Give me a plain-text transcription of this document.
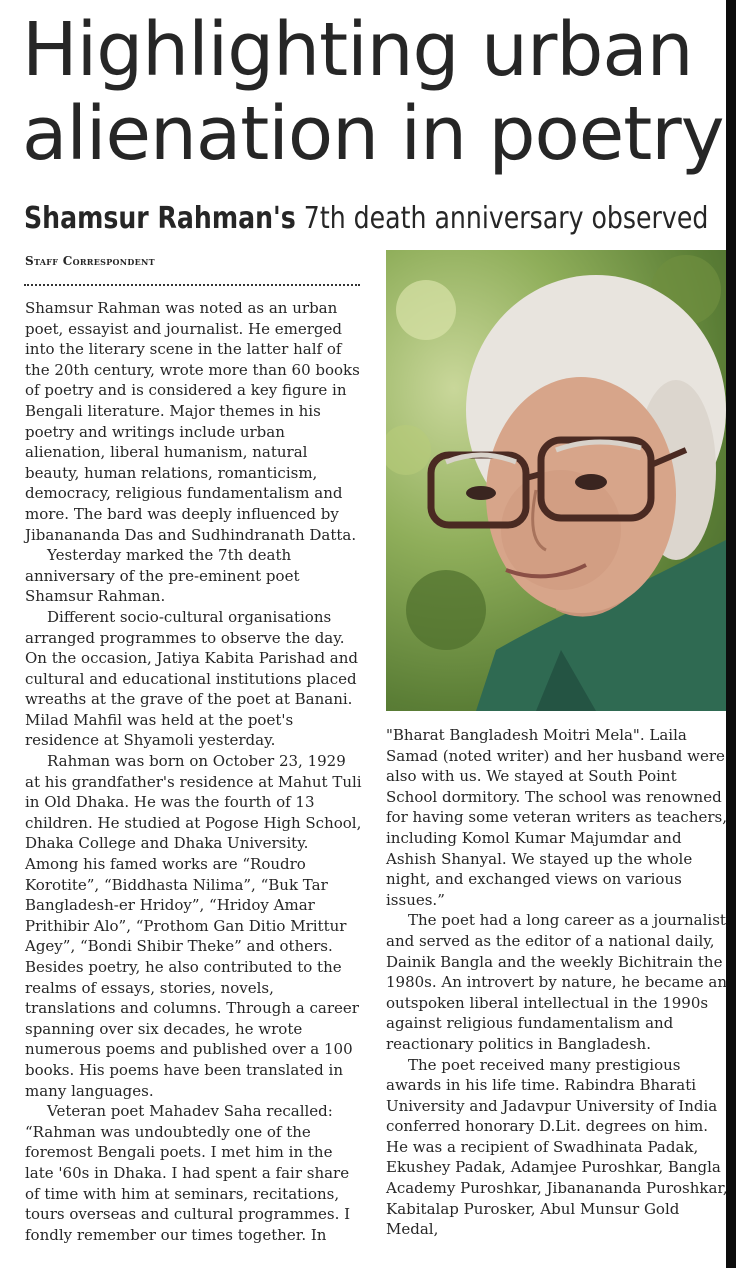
Highlighting urban
alienation in poetry
Shamsur Rahman's 7th death anniversary observed
Staff Correspondent

Shamsur Rahman was noted as an urban poet, essayist and journalist. He emerged into the literary scene in the latter half of the 20th century, wrote more than 60 books of poetry and is considered a key figure in Bengali literature. Major themes in his poetry and writings include urban alienation, liberal humanism, natural beauty, human relations, romanticism, democracy, religious fundamentalism and more. The bard was deeply influenced by Jibanananda Das and Sudhindranath Datta.

Yesterday marked the 7th death anniversary of the pre-eminent poet Shamsur Rahman.

Different socio-cultural organisations arranged programmes to observe the day. On the occasion, Jatiya Kabita Parishad and cultural and educational institutions placed wreaths at the grave of the poet at Banani. Milad Mahfil was held at the poet's residence at Shyamoli yesterday.

Rahman was born on October 23, 1929 at his grandfather's residence at Mahut Tuli in Old Dhaka. He was the fourth of 13 children. He studied at Pogose High School, Dhaka College and Dhaka University. Among his famed works are “Roudro Korotite”, “Biddhasta Nilima”, “Buk Tar Bangladesh-er Hridoy”, “Hridoy Amar Prithibir Alo”, “Prothom Gan Ditio Mrittur Agey”, “Bondi Shibir Theke” and others. Besides poetry, he also contributed to the realms of essays, stories, novels, translations and columns. Through a career spanning over six decades, he wrote numerous poems and published over a 100 books. His poems have been translated in many languages.

Veteran poet Mahadev Saha recalled: “Rahman was undoubtedly one of the foremost Bengali poets. I met him in the late '60s in Dhaka. I had spent a fair share of time with him at seminars, recitations, tours overseas and cultural programmes. I fondly remember our times together. In

"Bharat Bangladesh Moitri Mela". Laila Samad (noted writer) and her husband were also with us. We stayed at South Point School dormitory. The school was renowned for having some veteran writers as teachers, including Komol Kumar Majumdar and Ashish Shanyal. We stayed up the whole night, and exchanged views on various issues.”

The poet had a long career as a journalist and served as the editor of a national daily, Dainik Bangla and the weekly Bichitrain the 1980s. An introvert by nature, he became an outspoken liberal intellectual in the 1990s against religious fundamentalism and reactionary politics in Bangladesh.

The poet received many prestigious awards in his life time. Rabindra Bharati University and Jadavpur University of India conferred honorary D.Lit. degrees on him. He was a recipient of Swadhinata Padak, Ekushey Padak, Adamjee Puroshkar, Bangla Academy Puroshkar, Jibanananda Puroshkar, Kabitalap Purosker, Abul Munsur Gold Medal,
